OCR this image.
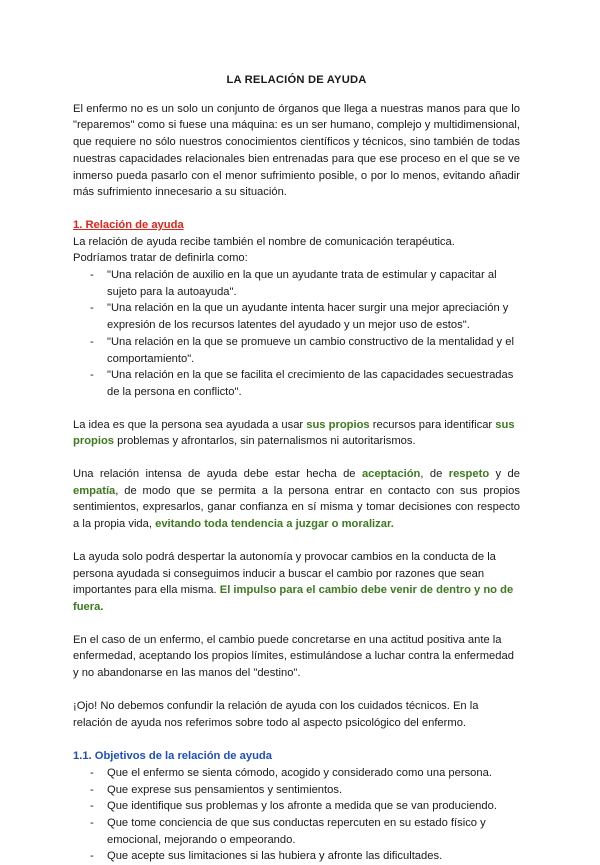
LA RELACIÓN DE AYUDA

El enfermo no es un solo un conjunto de órganos que llega a nuestras manos para que lo "reparemos" como si fuese una máquina: es un ser humano, complejo y multidimensional, que requiere no sólo nuestros conocimientos científicos y técnicos, sino también de todas nuestras capacidades relacionales bien entrenadas para que ese proceso en el que se ve inmerso pueda pasarlo con el menor sufrimiento posible, o por lo menos, evitando añadir más sufrimiento innecesario a su situación.

1. Relación de ayuda

La relación de ayuda recibe también el nombre de comunicación terapéutica.

Podríamos tratar de definirla como:

- "Una relación de auxilio en la que un ayudante trata de estimular y capacitar al sujeto para la autoayuda".
- "Una relación en la que un ayudante intenta hacer surgir una mejor apreciación y expresión de los recursos latentes del ayudado y un mejor uso de estos".
- "Una relación en la que se promueve un cambio constructivo de la mentalidad y el comportamiento".
- "Una relación en la que se facilita el crecimiento de las capacidades secuestradas de la persona en conflicto".

La idea es que la persona sea ayudada a usar sus propios recursos para identificar sus propios problemas y afrontarlos, sin paternalismos ni autoritarismos.

Una relación intensa de ayuda debe estar hecha de aceptación, de respeto y de empatía, de modo que se permita a la persona entrar en contacto con sus propios sentimientos, expresarlos, ganar confianza en sí misma y tomar decisiones con respecto a la propia vida, evitando toda tendencia a juzgar o moralizar.

La ayuda solo podrá despertar la autonomía y provocar cambios en la conducta de la persona ayudada si conseguimos inducir a buscar el cambio por razones que sean importantes para ella misma. El impulso para el cambio debe venir de dentro y no de fuera.

En el caso de un enfermo, el cambio puede concretarse en una actitud positiva ante la enfermedad, aceptando los propios límites, estimulándose a luchar contra la enfermedad y no abandonarse en las manos del "destino".

¡Ojo! No debemos confundir la relación de ayuda con los cuidados técnicos. En la relación de ayuda nos referimos sobre todo al aspecto psicológico del enfermo.

1.1. Objetivos de la relación de ayuda
- Que el enfermo se sienta cómodo, acogido y considerado como una persona.
- Que exprese sus pensamientos y sentimientos.
- Que identifique sus problemas y los afronte a medida que se van produciendo.
- Que tome conciencia de que sus conductas repercuten en su estado físico y emocional, mejorando o empeorando.
- Que acepte sus limitaciones si las hubiera y afronte las dificultades.
